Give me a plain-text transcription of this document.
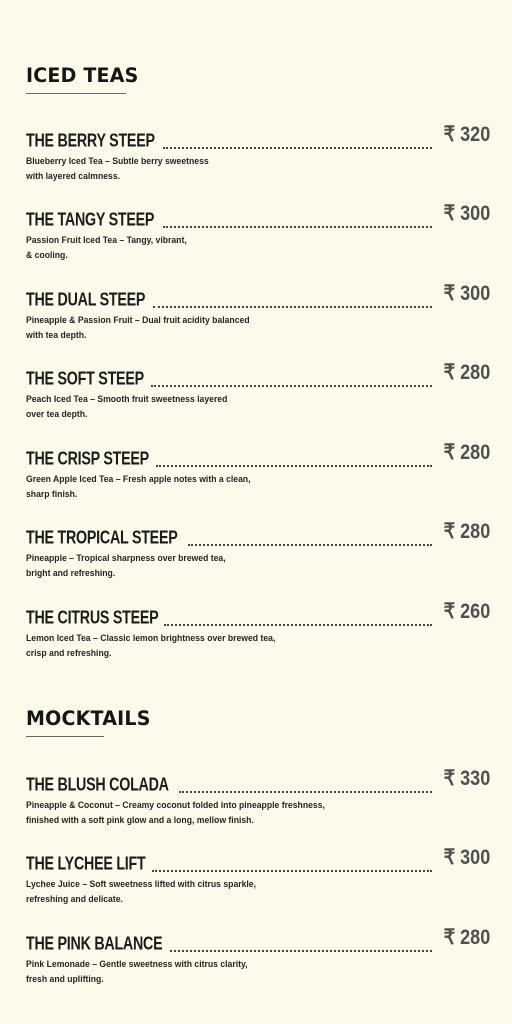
ICED TEAS
THE BERRY STEEP	₹ 320
Blueberry Iced Tea – Subtle berry sweetness
with layered calmness.
THE TANGY STEEP	₹ 300
Passion Fruit Iced Tea – Tangy, vibrant,
& cooling.
THE DUAL STEEP	₹ 300
Pineapple & Passion Fruit – Dual fruit acidity balanced
with tea depth.
THE SOFT STEEP	₹ 280
Peach Iced Tea – Smooth fruit sweetness layered
over tea depth.
THE CRISP STEEP	₹ 280
Green Apple Iced Tea – Fresh apple notes with a clean,
sharp finish.
THE TROPICAL STEEP	₹ 280
Pineapple – Tropical sharpness over brewed tea,
bright and refreshing.
THE CITRUS STEEP	₹ 260
Lemon Iced Tea – Classic lemon brightness over brewed tea,
crisp and refreshing.
MOCKTAILS
THE BLUSH COLADA	₹ 330
Pineapple & Coconut – Creamy coconut folded into pineapple freshness,
finished with a soft pink glow and a long, mellow finish.
THE LYCHEE LIFT	₹ 300
Lychee Juice – Soft sweetness lifted with citrus sparkle,
refreshing and delicate.
THE PINK BALANCE	₹ 280
Pink Lemonade – Gentle sweetness with citrus clarity,
fresh and uplifting.
